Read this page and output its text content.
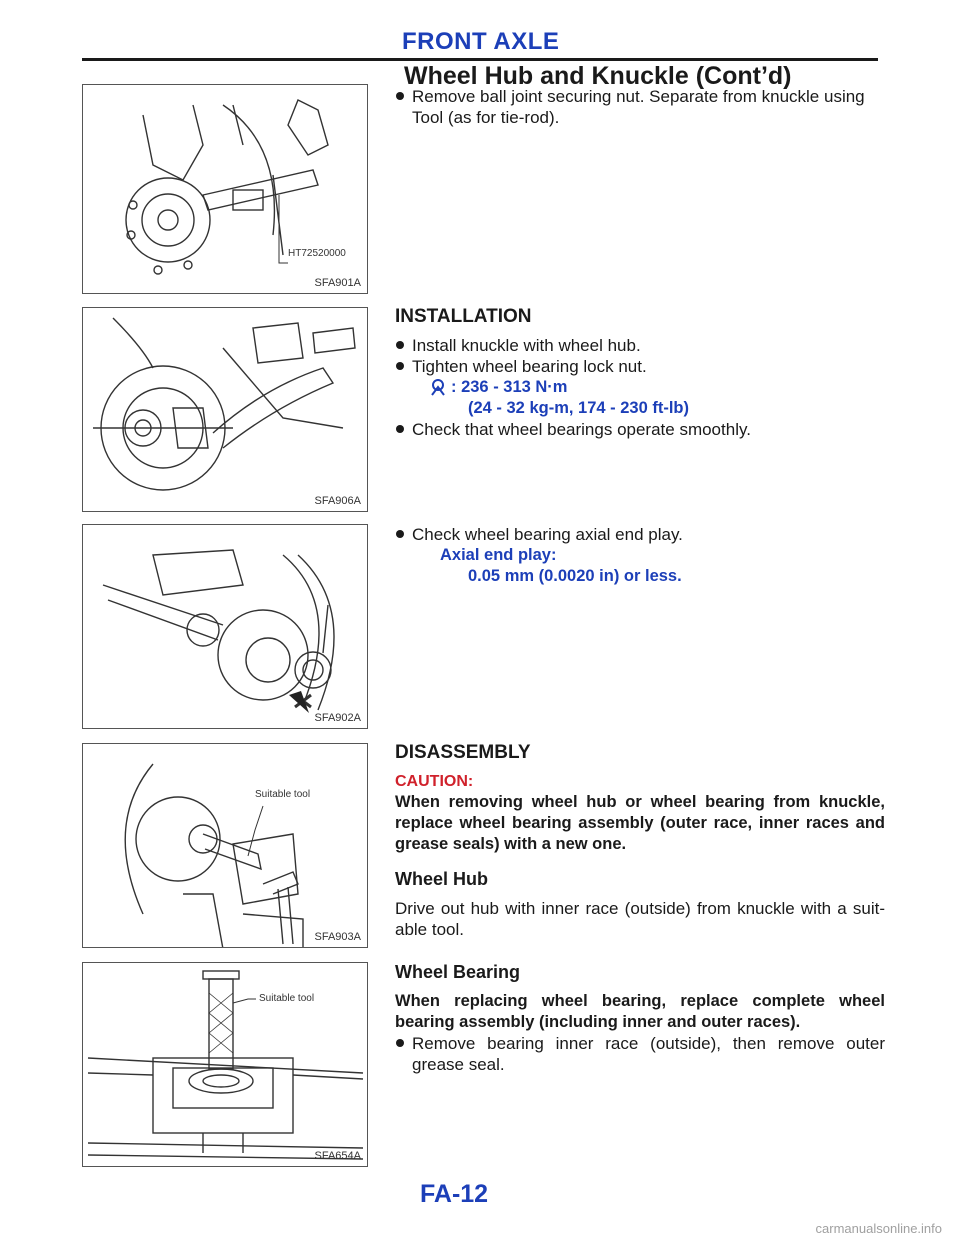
FRONT AXLE
Wheel Hub and Knuckle (Cont’d)
HT72520000
SFA901A
Remove ball joint securing nut. Separate from knuckle using Tool (as for tie-rod).
SFA906A
INSTALLATION
Install knuckle with wheel hub.
Tighten wheel bearing lock nut.
: 236 - 313 N·m
(24 - 32 kg-m, 174 - 230 ft-lb)
Check that wheel bearings operate smoothly.
SFA902A
Check wheel bearing axial end play.
Axial end play:
0.05 mm (0.0020 in) or less.
Suitable tool
SFA903A
DISASSEMBLY
CAUTION:
When removing wheel hub or wheel bearing from knuckle, replace wheel bearing assembly (outer race, inner races and grease seals) with a new one.
Wheel Hub
Drive out hub with inner race (outside) from knuckle with a suit-able tool.
Suitable tool
SFA654A
Wheel Bearing
When replacing wheel bearing, replace complete wheel bearing assembly (including inner and outer races).
Remove bearing inner race (outside), then remove outer grease seal.
FA-12
carmanualsonline.info
